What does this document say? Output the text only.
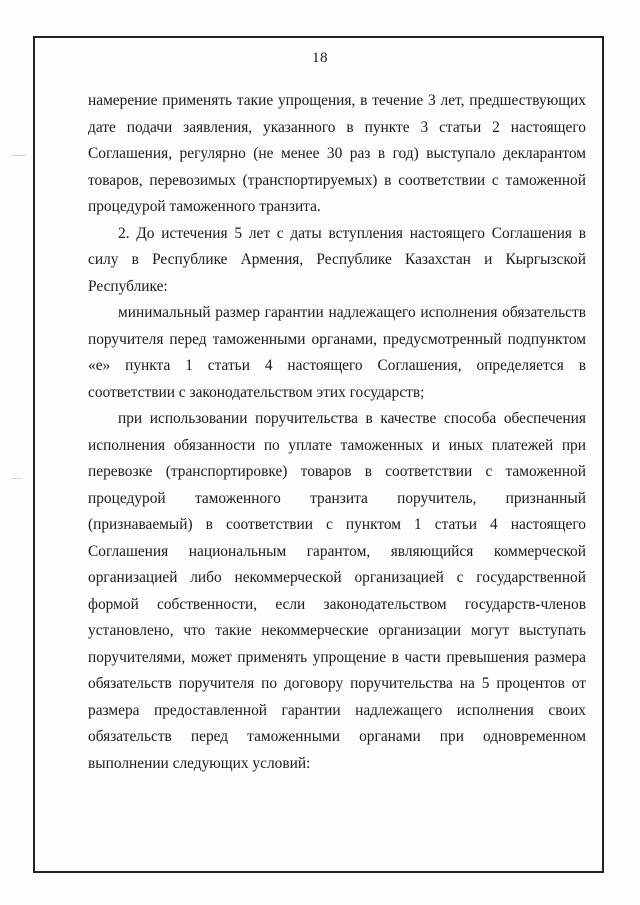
18

намерение применять такие упрощения, в течение 3 лет, предшествующих дате подачи заявления, указанного в пункте 3 статьи 2 настоящего Соглашения, регулярно (не менее 30 раз в год) выступало декларантом товаров, перевозимых (транспортируемых) в соответствии с таможенной процедурой таможенного транзита.

2. До истечения 5 лет с даты вступления настоящего Соглашения в силу в Республике Армения, Республике Казахстан и Кыргызской Республике:

минимальный размер гарантии надлежащего исполнения обязательств поручителя перед таможенными органами, предусмотренный подпунктом «е» пункта 1 статьи 4 настоящего Соглашения, определяется в соответствии с законодательством этих государств;

при использовании поручительства в качестве способа обеспечения исполнения обязанности по уплате таможенных и иных платежей при перевозке (транспортировке) товаров в соответствии с таможенной процедурой таможенного транзита поручитель, признанный (признаваемый) в соответствии с пунктом 1 статьи 4 настоящего Соглашения национальным гарантом, являющийся коммерческой организацией либо некоммерческой организацией с государственной формой собственности, если законодательством государств-членов установлено, что такие некоммерческие организации могут выступать поручителями, может применять упрощение в части превышения размера обязательств поручителя по договору поручительства на 5 процентов от размера предоставленной гарантии надлежащего исполнения своих обязательств перед таможенными органами при одновременном выполнении следующих условий:
